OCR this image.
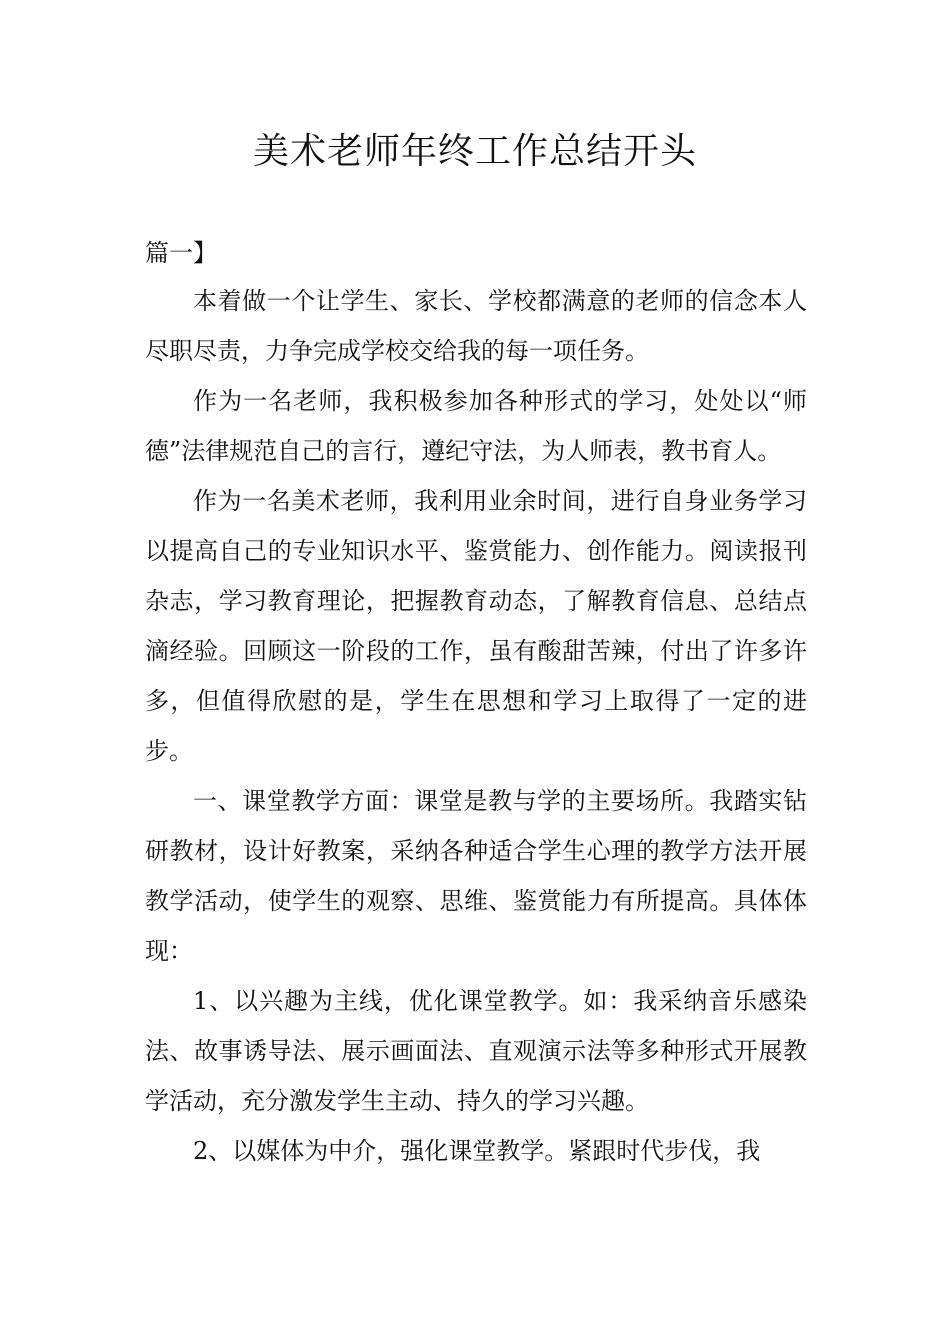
美术老师年终工作总结开头

篇一】

本着做一个让学生、家长、学校都满意的老师的信念本人尽职尽责，力争完成学校交给我的每一项任务。

作为一名老师，我积极参加各种形式的学习，处处以“师德”法律规范自己的言行，遵纪守法，为人师表，教书育人。

作为一名美术老师，我利用业余时间，进行自身业务学习以提高自己的专业知识水平、鉴赏能力、创作能力。阅读报刊杂志，学习教育理论，把握教育动态，了解教育信息、总结点滴经验。回顾这一阶段的工作，虽有酸甜苦辣，付出了许多许多，但值得欣慰的是，学生在思想和学习上取得了一定的进步。

一、课堂教学方面：课堂是教与学的主要场所。我踏实钻研教材，设计好教案，采纳各种适合学生心理的教学方法开展教学活动，使学生的观察、思维、鉴赏能力有所提高。具体体现：

1、以兴趣为主线，优化课堂教学。如：我采纳音乐感染法、故事诱导法、展示画面法、直观演示法等多种形式开展教学活动，充分激发学生主动、持久的学习兴趣。

2、以媒体为中介，强化课堂教学。紧跟时代步伐，我
